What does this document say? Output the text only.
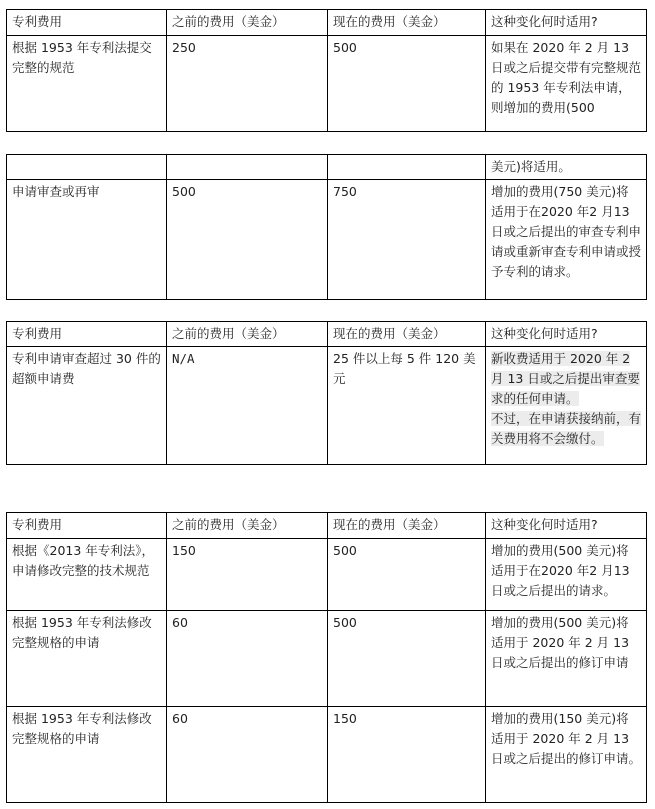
专利费用	之前的费用（美金）	现在的费用（美金）	这种变化何时适用?
根据 1953 年专利法提交完整的规范	250	500	如果在 2020 年 2 月 13 日或之后提交带有完整规范的 1953 年专利法申请，则增加的费用(500
			美元)将适用。
申请审查或再审	500	750	增加的费用(750 美元)将适用于在2020 年2 月13 日或之后提出的审查专利申请或重新审查专利申请或授予专利的请求。
专利费用	之前的费用（美金）	现在的费用（美金）	这种变化何时适用?
专利申请审查超过 30 件的超额申请费	N/A	25 件以上每 5 件 120 美元	新收费适用于 2020 年 2 月 13 日或之后提出审查要求的任何申请。
不过，在申请获接纳前，有关费用将不会缴付。
专利费用	之前的费用（美金）	现在的费用（美金）	这种变化何时适用?
根据《2013 年专利法》，申请修改完整的技术规范	150	500	增加的费用(500 美元)将适用于在2020 年2 月13 日或之后提出的请求。
根据 1953 年专利法修改完整规格的申请	60	500	增加的费用(500 美元)将适用于 2020 年 2 月 13 日或之后提出的修订申请
根据 1953 年专利法修改完整规格的申请	60	150	增加的费用(150 美元)将适用于 2020 年 2 月 13 日或之后提出的修订申请。
